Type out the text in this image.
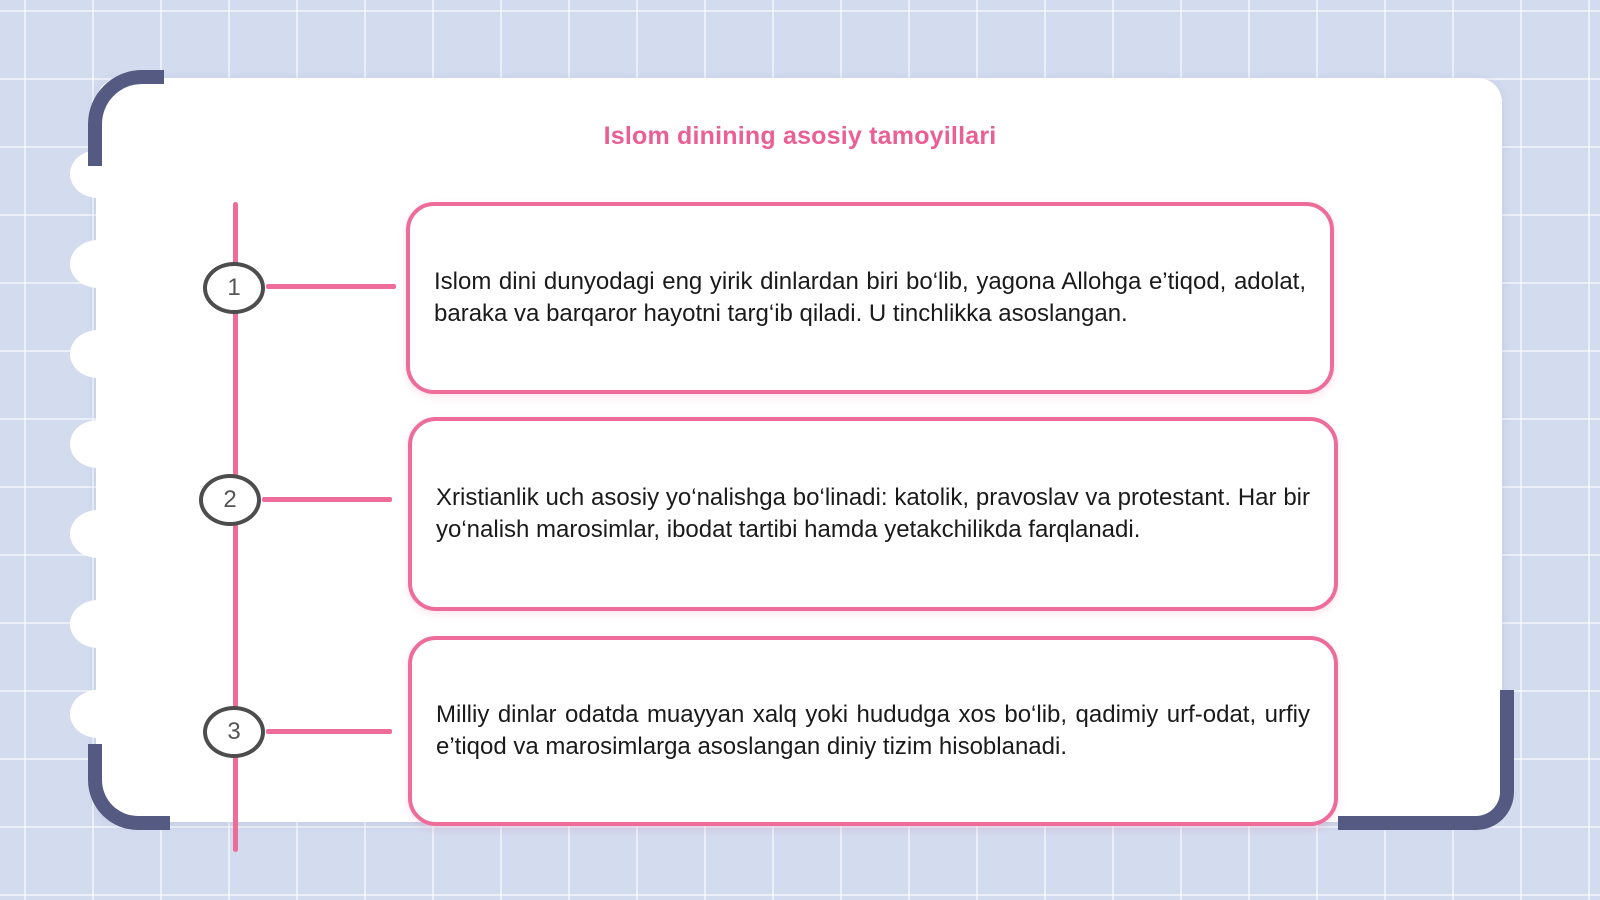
Islom dinining asosiy tamoyillari
1
2
3

Islom dini dunyodagi eng yirik dinlardan biri bo‘lib, yagona Allohga e’tiqod, adolat, baraka va barqaror hayotni targ‘ib qiladi. U tinchlikka asoslangan.

Xristianlik uch asosiy yo‘nalishga bo‘linadi: katolik, pravoslav va protestant. Har bir yo‘nalish marosimlar, ibodat tartibi hamda yetakchilikda farqlanadi.

Milliy dinlar odatda muayyan xalq yoki hududga xos bo‘lib, qadimiy urf-odat, urfiy e’tiqod va marosimlarga asoslangan diniy tizim hisoblanadi.
